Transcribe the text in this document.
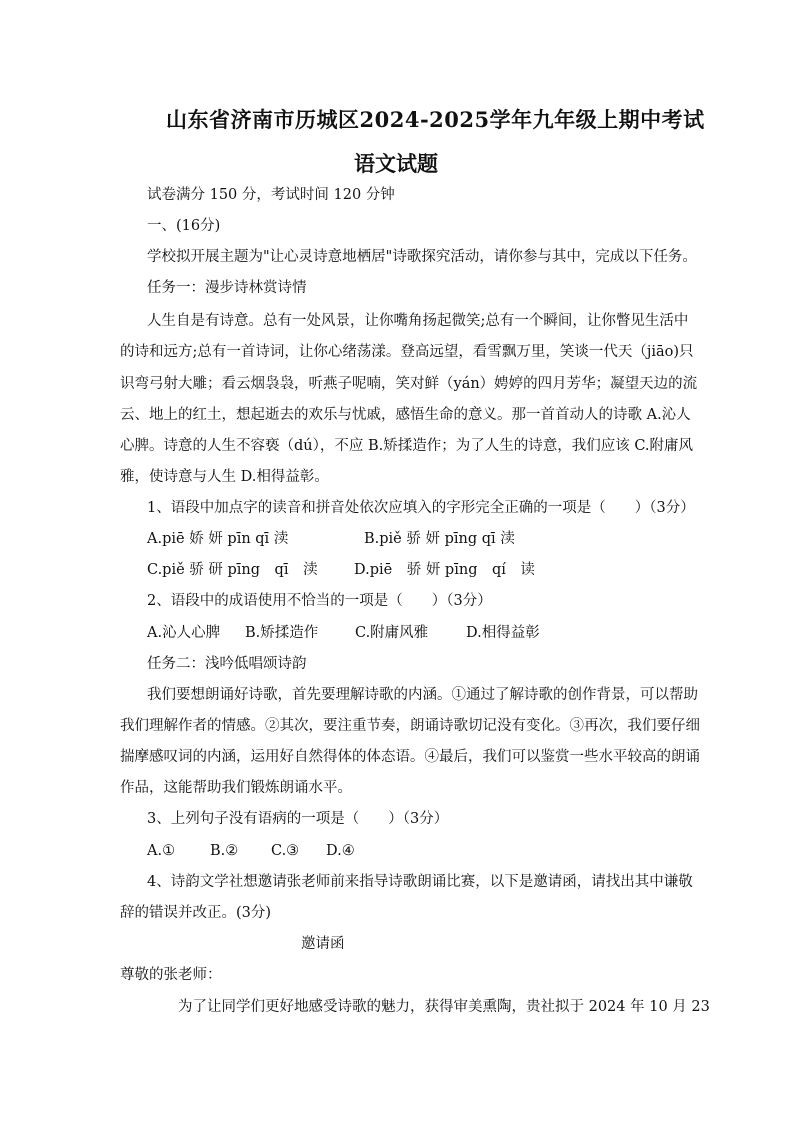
山东省济南市历城区2024-2025学年九年级上期中考试
语文试题
试卷满分 150 分，考试时间 120 分钟
一、(16分)
学校拟开展主题为"让心灵诗意地栖居"诗歌探究活动，请你参与其中，完成以下任务。
任务一：漫步诗林赏诗情
人生自是有诗意。总有一处风景，让你嘴角扬起微笑;总有一个瞬间，让你瞥见生活中
的诗和远方;总有一首诗词，让你心绪荡漾。登高远望，看雪飘万里，笑谈一代天（jiāo)只
识弯弓射大雕；看云烟袅袅，听燕子呢喃，笑对鲜（yán）娉婷的四月芳华；凝望天边的流
云、地上的红土，想起逝去的欢乐与忧戚，感悟生命的意义。那一首首动人的诗歌 A.沁人
心脾。诗意的人生不容亵（dú），不应 B.矫揉造作；为了人生的诗意，我们应该 C.附庸风
雅，使诗意与人生 D.相得益彰。
1、语段中加点字的读音和拼音处依次应填入的字形完全正确的一项是（　　）（3分）
A.piē 娇 妍 pīn qī 渎	B.piě 骄 妍 pīng qī 渎
C.piě 骄 研 pīng　qī　渎	D.piē　骄 妍 pīng　qí　读
2、语段中的成语使用不恰当的一项是（　　）（3分）
A.沁人心脾 B.矫揉造作	C.附庸风雅	D.相得益彰
任务二：浅吟低唱颂诗韵
我们要想朗诵好诗歌，首先要理解诗歌的内涵。①通过了解诗歌的创作背景，可以帮助
我们理解作者的情感。②其次，要注重节奏，朗诵诗歌切记没有变化。③再次，我们要仔细
揣摩感叹词的内涵，运用好自然得体的体态语。④最后，我们可以鉴赏一些水平较高的朗诵
作品，这能帮助我们锻炼朗诵水平。
3、上列句子没有语病的一项是（　　）（3分）
A.① B.② C.③ D.④
4、诗韵文学社想邀请张老师前来指导诗歌朗诵比赛，以下是邀请函，请找出其中谦敬
辞的错误并改正。(3分)
邀请函
尊敬的张老师：
为了让同学们更好地感受诗歌的魅力，获得审美熏陶，贵社拟于 2024 年 10 月 23
